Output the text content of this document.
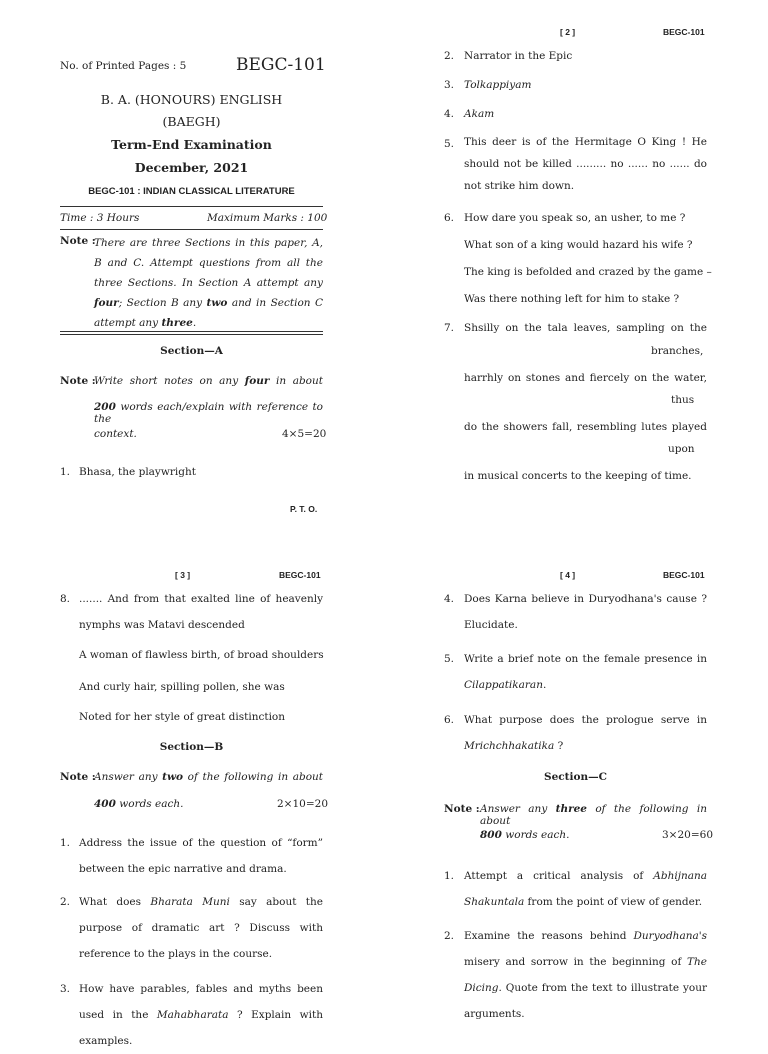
No. of Printed Pages : 5	BEGC-101
B. A. (HONOURS) ENGLISH
(BAEGH)
Term-End Examination
December, 2021
BEGC-101 : INDIAN CLASSICAL LITERATURE
Time : 3 Hours	Maximum Marks : 100
Note :
There are three Sections in this paper, A, B and C. Attempt questions from all the three Sections. In Section A attempt any four; Section B any two and in Section C attempt any three.
Section—A
Note :
Write short notes on any four in about
200 words each/explain with reference to the
context.	4×5=20
1. Bhasa, the playwright
P. T. O.
[ 2 ]	BEGC-101
2. Narrator in the Epic
3. Tolkappiyam
4. Akam
5. This deer is of the Hermitage O King ! He should not be killed ......... no ...... no ...... do not strike him down.
6. How dare you speak so, an usher, to me ?
What son of a king would hazard his wife ?
The king is befolded and crazed by the game –
Was there nothing left for him to stake ?
7. Shsilly on the tala leaves, sampling on the
branches,
harrhly on stones and fiercely on the water,
thus
do the showers fall, resembling lutes played
upon
in musical concerts to the keeping of time.
[ 3 ]	BEGC-101
8. ....... And from that exalted line of heavenly
nymphs was Matavi descended
A woman of flawless birth, of broad shoulders
And curly hair, spilling pollen, she was
Noted for her style of great distinction
Section—B
Note :
Answer any two of the following in about
400 words each.	2×10=20
1. Address the issue of the question of “form” between the epic narrative and drama.
2. What does Bharata Muni say about the purpose of dramatic art ? Discuss with reference to the plays in the course.
3. How have parables, fables and myths been used in the Mahabharata ? Explain with examples.
[ 4 ]	BEGC-101
4. Does Karna believe in Duryodhana's cause ? Elucidate.
5. Write a brief note on the female presence in Cilappatikaran.
6. What purpose does the prologue serve in Mrichchhakatika ?
Section—C
Note : Answer any three of the following in about
800 words each.	3×20=60
1. Attempt a critical analysis of Abhijnana Shakuntala from the point of view of gender.
2. Examine the reasons behind Duryodhana's misery and sorrow in the beginning of The Dicing. Quote from the text to illustrate your arguments.
